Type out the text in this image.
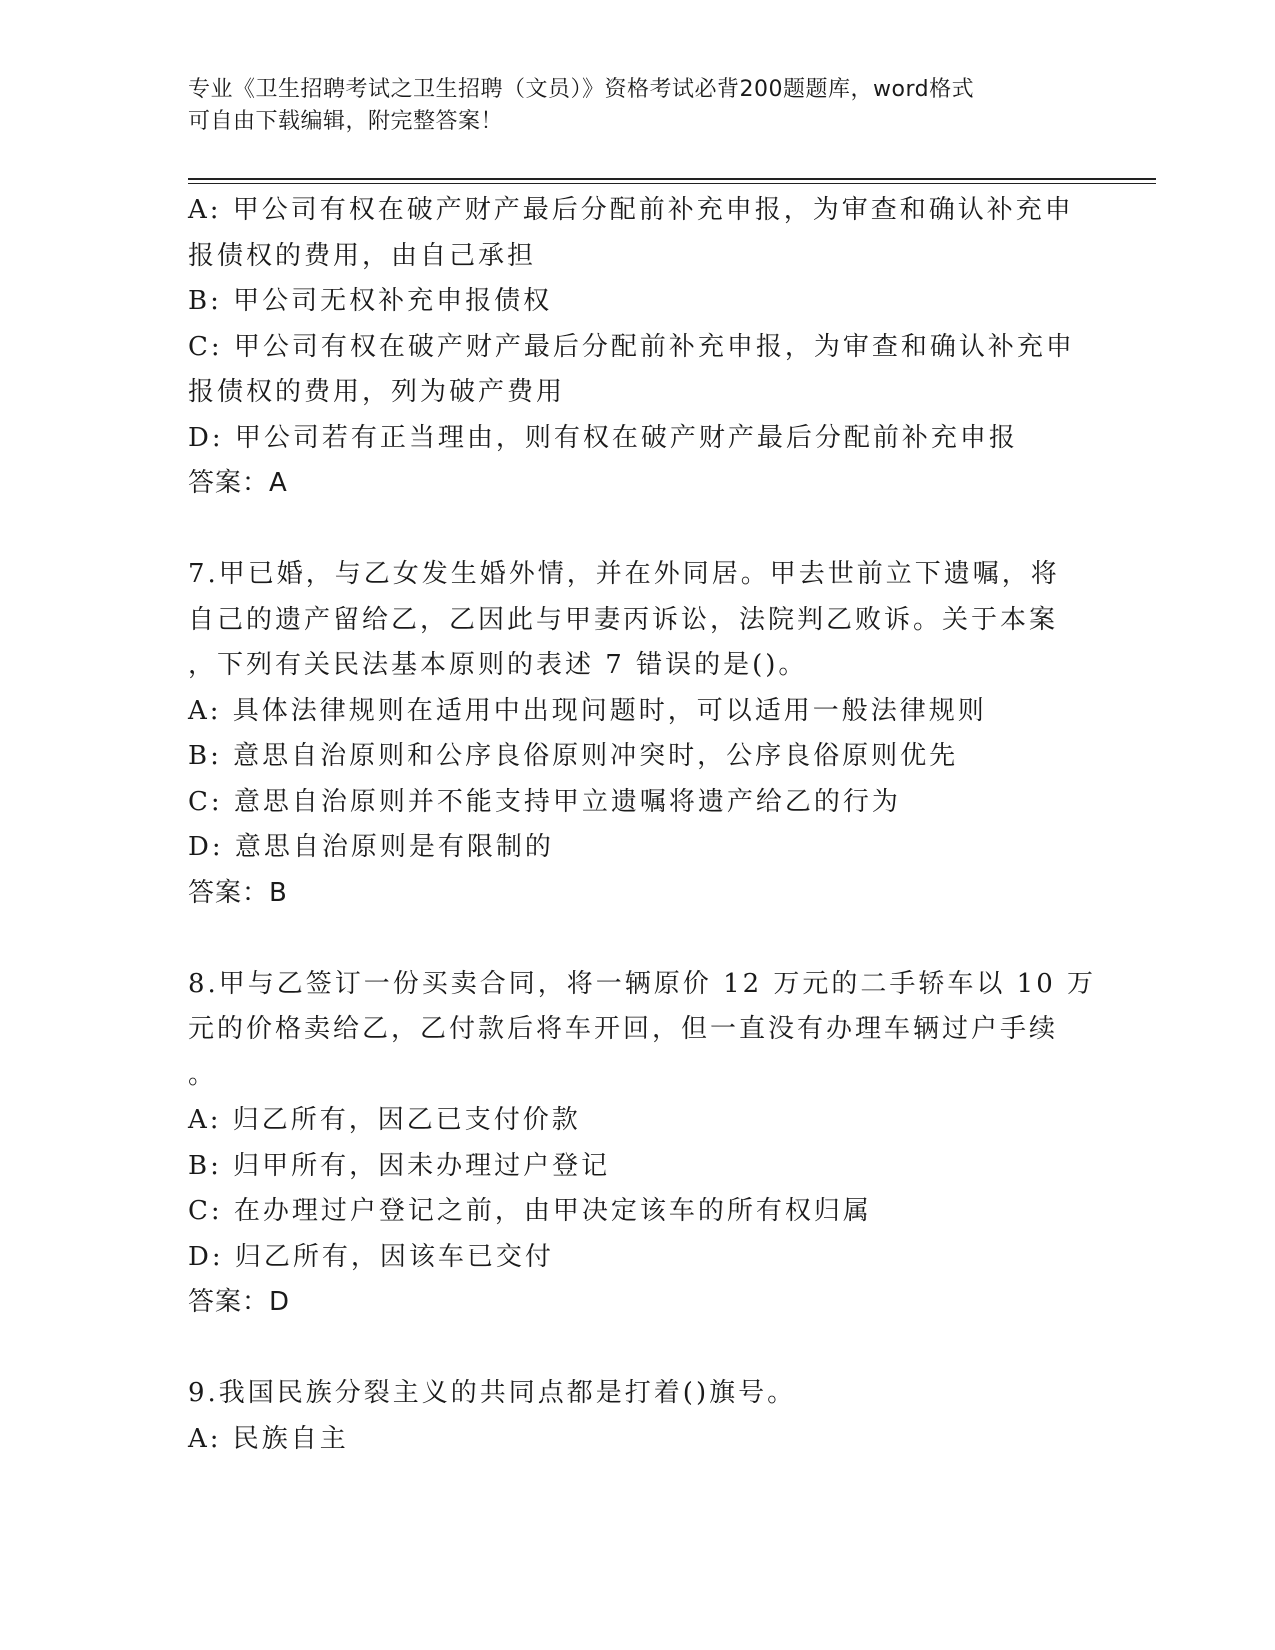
专业《卫生招聘考试之卫生招聘（文员）》资格考试必背200题题库，word格式
可自由下载编辑，附完整答案！
A: 甲公司有权在破产财产最后分配前补充申报，为审查和确认补充申
报债权的费用，由自己承担
B: 甲公司无权补充申报债权
C: 甲公司有权在破产财产最后分配前补充申报，为审查和确认补充申
报债权的费用，列为破产费用
D: 甲公司若有正当理由，则有权在破产财产最后分配前补充申报
答案：A
7.甲已婚，与乙女发生婚外情，并在外同居。甲去世前立下遗嘱，将
自己的遗产留给乙，乙因此与甲妻丙诉讼，法院判乙败诉。关于本案
，下列有关民法基本原则的表述 7 错误的是()。
A: 具体法律规则在适用中出现问题时，可以适用一般法律规则
B: 意思自治原则和公序良俗原则冲突时，公序良俗原则优先
C: 意思自治原则并不能支持甲立遗嘱将遗产给乙的行为
D: 意思自治原则是有限制的
答案：B
8.甲与乙签订一份买卖合同，将一辆原价 12 万元的二手轿车以 10 万
元的价格卖给乙，乙付款后将车开回，但一直没有办理车辆过户手续
。
A: 归乙所有，因乙已支付价款
B: 归甲所有，因未办理过户登记
C: 在办理过户登记之前，由甲决定该车的所有权归属
D: 归乙所有，因该车已交付
答案：D
9.我国民族分裂主义的共同点都是打着()旗号。
A: 民族自主
